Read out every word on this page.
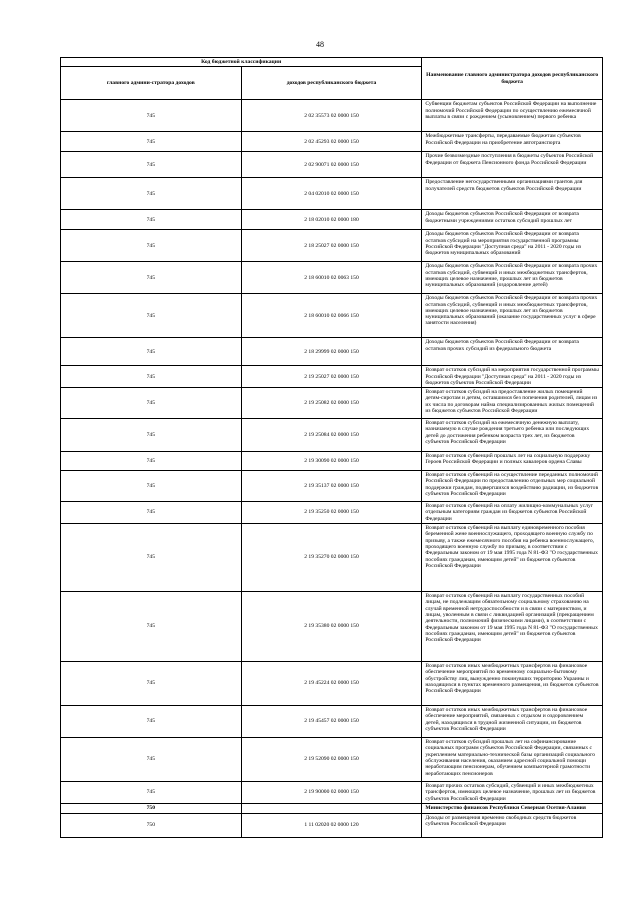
48
Код бюджетной классификации		Наименование главного администратора доходов республиканского бюджета
главного админи-стратора доходов	доходов республиканского бюджета	
745	2 02 35573 02 0000 150	Субвенции бюджетам субъектов Российской Федерации на выполнение полномочий Российской Федерации по осуществлению ежемесячной выплаты в связи с рождением (усыновлением) первого ребенка
745	2 02 45293 02 0000 150	Межбюджетные трансферты, передаваемые бюджетам субъектов Российской Федерации на приобретение автотранспорта
745	2 02 90071 02 0000 150	Прочие безвозмездные поступления в бюджеты субъектов Российской Федерации от бюджета Пенсионного фонда Российской Федерации
745	2 04 02010 02 0000 150	Предоставление негосударственными организациями грантов для получателей средств бюджетов субъектов Российской Федерации
745	2 18 02010 02 0000 180	Доходы бюджетов субъектов Российской Федерации от возврата бюджетными учреждениями остатков субсидий прошлых лет
745	2 18 25027 02 0000 150	Доходы бюджетов субъектов Российской Федерации от возврата остатков субсидий на мероприятия государственной программы Российской Федерации "Доступная среда" на 2011 - 2020 годы из бюджетов муниципальных образований
745	2 18 60010 02 0063 150	Доходы бюджетов субъектов Российской Федерации от возврата прочих остатков субсидий, субвенций и иных межбюджетных трансфертов, имеющих целевое назначение, прошлых лет из бюджетов муниципальных образований (оздоровление детей)
745	2 18 60010 02 0066 150	Доходы бюджетов субъектов Российской Федерации от возврата прочих остатков субсидий, субвенций и иных межбюджетных трансфертов, имеющих целевое назначение, прошлых лет из бюджетов муниципальных образований (оказание государственных услуг в сфере занятости населения)
745	2 18 29999 02 0000 150	Доходы бюджетов субъектов Российской Федерации от возврата остатков прочих субсидий из федерального бюджета
745	2 19 25027 02 0000 150	Возврат остатков субсидий на мероприятия государственной программы Российской Федерации "Доступная среда" на 2011 - 2020 годы из бюджетов субъектов Российской Федерации
745	2 19 25082 02 0000 150	Возврат остатков субсидий на предоставление жилых помещений детям-сиротам и детям, оставшимся без попечения родителей, лицам из их числа по договорам найма специализированных жилых помещений из бюджетов субъектов Российской Федерации
745	2 19 25084 02 0000 150	Возврат остатков субсидий на ежемесячную денежную выплату, назначаемую в случае рождения третьего ребенка или последующих детей до достижения ребенком возраста трех лет, из бюджетов субъектов Российской Федерации
745	2 19 30090 02 0000 150	Возврат остатков субвенций прошлых лет на социальную поддержку Героев Российской Федерации и полных кавалеров ордена Славы
745	2 19 35137 02 0000 150	Возврат остатков субвенций на осуществление переданных полномочий Российской Федерации по предоставлению отдельных мер социальной поддержки граждан, подвергшихся воздействию радиации, из бюджетов субъектов Российской Федерации
745	2 19 35250 02 0000 150	Возврат остатков субвенций на оплату жилищно-коммунальных услуг отдельным категориям граждан из бюджетов субъектов Российской Федерации
745	2 19 35270 02 0000 150	Возврат остатков субвенций на выплату единовременного пособия беременной жене военнослужащего, проходящего военную службу по призыву, а также ежемесячного пособия на ребенка военнослужащего, проходящего военную службу по призыву, в соответствии с Федеральным законом от 19 мая 1995 года N 81-ФЗ "О государственных пособиях гражданам, имеющим детей" из бюджетов субъектов Российской Федерации
745	2 19 35380 02 0000 150	Возврат остатков субвенций на выплату государственных пособий лицам, не подлежащим обязательному социальному страхованию на случай временной нетрудоспособности и в связи с материнством, и лицам, уволенным в связи с ликвидацией организаций (прекращением деятельности, полномочий физическими лицами), в соответствии с Федеральным законом от 19 мая 1995 года N 81-ФЗ "О государственных пособиях гражданам, имеющим детей" из бюджетов субъектов Российской Федерации
745	2 19 45224 02 0000 150	Возврат остатков иных межбюджетных трансфертов на финансовое обеспечение мероприятий по временному социально-бытовому обустройству лиц, вынужденно покинувших территорию Украины и находящихся в пунктах временного размещения, из бюджетов субъектов Российской Федерации
745	2 19 45457 02 0000 150	Возврат остатков иных межбюджетных трансфертов на финансовое обеспечение мероприятий, связанных с отдыхом и оздоровлением детей, находящихся в трудной жизненной ситуации, из бюджетов субъектов Российской Федерации
745	2 19 52090 02 0000 150	Возврат остатков субсидий прошлых лет на софинансирование социальных программ субъектов Российской Федерации, связанных с укреплением материально-технической базы организаций социального обслуживания населения, оказанием адресной социальной помощи неработающим пенсионерам, обучением компьютерной грамотности неработающих пенсионеров
745	2 19 90000 02 0000 150	Возврат прочих остатков субсидий, субвенций и иных межбюджетных трансфертов, имеющих целевое назначение, прошлых лет из бюджетов субъектов Российской Федерации
750		Министерство финансов Республики Северная Осетия-Алания
750	1 11 02020 02 0000 120	Доходы от размещения временно свободных средств бюджетов субъектов Российской Федерации
